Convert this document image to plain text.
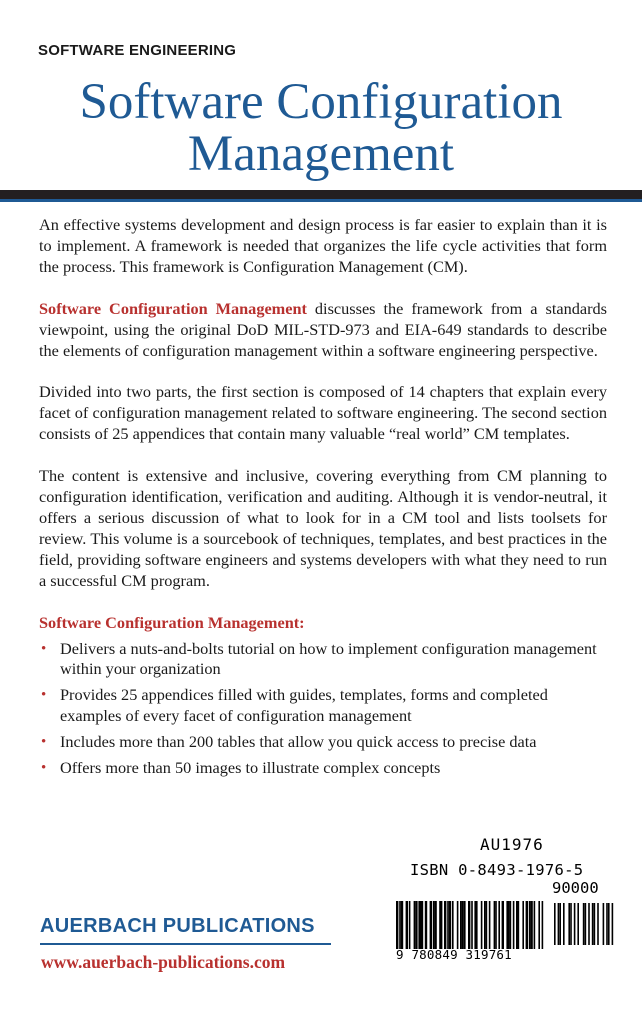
SOFTWARE ENGINEERING
Software Configuration
Management

An effective systems development and design process is far easier to explain than it is to implement. A framework is needed that organizes the life cycle activities that form the process. This framework is Configuration Management (CM).

Software Configuration Management discusses the framework from a standards viewpoint, using the original DoD MIL-STD-973 and EIA-649 standards to describe the elements of configuration management within a software engineering perspective.

Divided into two parts, the first section is composed of 14 chapters that explain every facet of configuration management related to software engineering. The second section consists of 25 appendices that contain many valuable “real world” CM templates.

The content is extensive and inclusive, covering everything from CM planning to configuration identification, verification and auditing. Although it is vendor-neutral, it offers a serious discussion of what to look for in a CM tool and lists toolsets for review. This volume is a sourcebook of techniques, templates, and best practices in the field, providing software engineers and systems developers with what they need to run a successful CM program.

Software Configuration Management:
• Delivers a nuts-and-bolts tutorial on how to implement configuration management within your organization
• Provides 25 appendices filled with guides, templates, forms and completed examples of every facet of configuration management
• Includes more than 200 tables that allow you quick access to precise data
• Offers more than 50 images to illustrate complex concepts
AU1976
ISBN 0-8493-1976-5
90000
9 780849 319761
AUERBACH PUBLICATIONS
www.auerbach-publications.com
